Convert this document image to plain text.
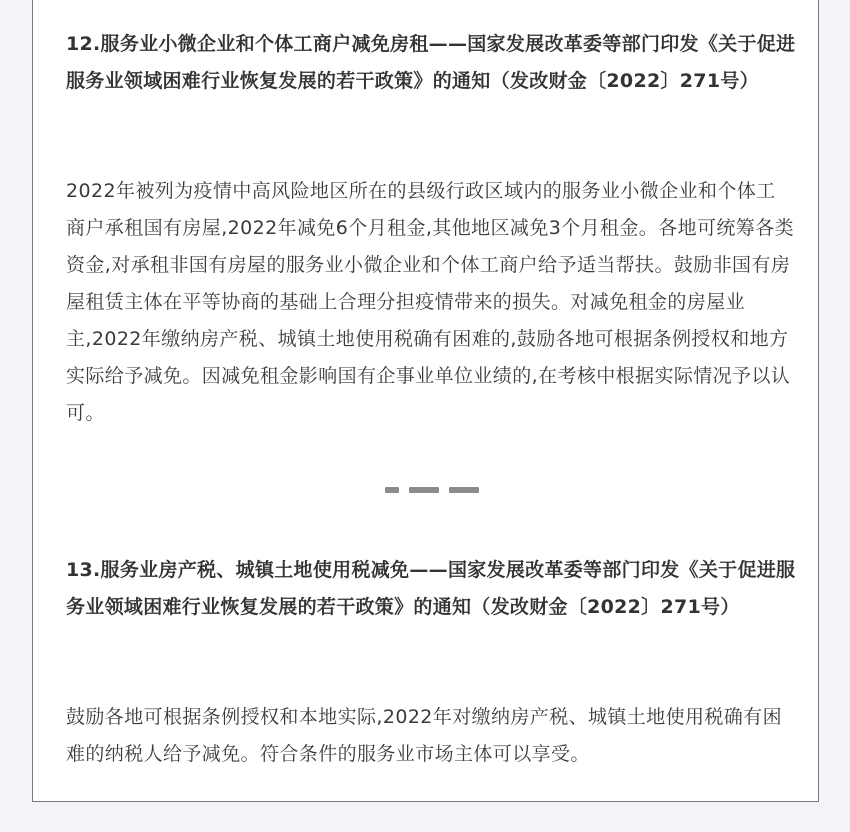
12.服务业小微企业和个体工商户减免房租——国家发展改革委等部门印发《关于促进服务业领域困难行业恢复发展的若干政策》的通知（发改财金〔2022〕271号）

2022年被列为疫情中高风险地区所在的县级行政区域内的服务业小微企业和个体工商户承租国有房屋,2022年减免6个月租金,其他地区减免3个月租金。各地可统筹各类资金,对承租非国有房屋的服务业小微企业和个体工商户给予适当帮扶。鼓励非国有房屋租赁主体在平等协商的基础上合理分担疫情带来的损失。对减免租金的房屋业主,2022年缴纳房产税、城镇土地使用税确有困难的,鼓励各地可根据条例授权和地方实际给予减免。因减免租金影响国有企事业单位业绩的,在考核中根据实际情况予以认可。

13.服务业房产税、城镇土地使用税减免——国家发展改革委等部门印发《关于促进服务业领域困难行业恢复发展的若干政策》的通知（发改财金〔2022〕271号）

鼓励各地可根据条例授权和本地实际,2022年对缴纳房产税、城镇土地使用税确有困难的纳税人给予减免。符合条件的服务业市场主体可以享受。
